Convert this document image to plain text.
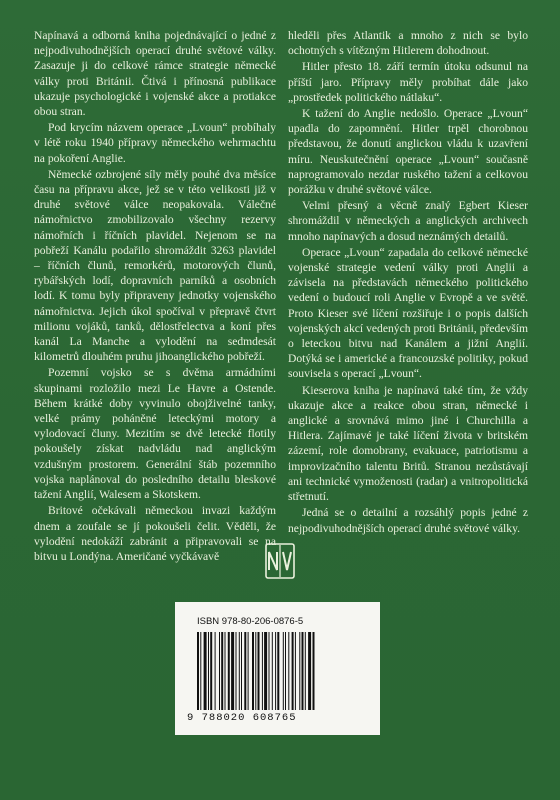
Napínavá a odborná kniha pojednávající o jedné z nejpodivuhodnějších operací druhé světové války. Zasazuje ji do celkové rámce strategie německé války proti Británii. Čtivá i přínosná publikace ukazuje psychologické i vojenské akce a protiakce obou stran.

Pod krycím názvem operace „Lvoun“ probíhaly v létě roku 1940 přípravy německého wehrmachtu na pokoření Anglie.

Německé ozbrojené síly měly pouhé dva měsíce času na přípravu akce, jež se v této velikosti již v druhé světové válce neopakovala. Válečné námořnictvo zmobilizovalo všechny rezervy námořních i říčních plavidel. Nejenom se na pobřeží Kanálu podařilo shromáždit 3263 plavidel – říčních člunů, remorkérů, motorových člunů, rybářských lodí, dopravních parníků a osobních lodí. K tomu byly připraveny jednotky vojenského námořnictva. Jejich úkol spočíval v přepravě čtvrt milionu vojáků, tanků, dělostřelectva a koní přes kanál La Manche a vylodění na sedmdesát kilometrů dlouhém pruhu jihoanglického pobřeží.

Pozemní vojsko se s dvěma armádními skupinami rozložilo mezi Le Havre a Ostende. Během krátké doby vyvinulo obojživelné tanky, velké prámy poháněné leteckými motory a vylodovací čluny. Mezitím se dvě letecké flotily pokoušely získat nadvládu nad anglickým vzdušným prostorem. Generální štáb pozemního vojska naplánoval do posledního detailu bleskové tažení Anglií, Walesem a Skotskem.

Britové očekávali německou invazi každým dnem a zoufale se jí pokoušeli čelit. Věděli, že vylodění nedokáží zabránit a připravovali se na bitvu u Londýna. Američané vyčkávavě

hleděli přes Atlantik a mnoho z nich se bylo ochotných s vítězným Hitlerem dohodnout.

Hitler přesto 18. září termín útoku odsunul na příští jaro. Přípravy měly probíhat dále jako „prostředek politického nátlaku“.

K tažení do Anglie nedošlo. Operace „Lvoun“ upadla do zapomnění. Hitler trpěl chorobnou představou, že donutí anglickou vládu k uzavření míru. Neuskutečnění operace „Lvoun“ současně naprogramovalo nezdar ruského tažení a celkovou porážku v druhé světové válce.

Velmi přesný a věcně znalý Egbert Kieser shromáždil v německých a anglických archivech mnoho napínavých a dosud neznámých detailů.

Operace „Lvoun“ zapadala do celkové německé vojenské strategie vedení války proti Anglii a závisela na představách německého politického vedení o budoucí roli Anglie v Evropě a ve světě. Proto Kieser své líčení rozšiřuje i o popis dalších vojenských akcí vedených proti Británii, především o leteckou bitvu nad Kanálem a jižní Anglií. Dotýká se i americké a francouzské politiky, pokud souvisela s operací „Lvoun“.

Kieserova kniha je napínavá také tím, že vždy ukazuje akce a reakce obou stran, německé i anglické a srovnává mimo jiné i Churchilla a Hitlera. Zajímavé je také líčení života v britském zázemí, role domobrany, evakuace, patriotismu a improvizačního talentu Britů. Stranou nezůstávají ani technické vymoženosti (radar) a vnitropolitická střetnutí.

Jedná se o detailní a rozsáhlý popis jedné z nejpodivuhodnějších operací druhé světové války.

ISBN 978-80-206-0876-5
9 788020 608765
